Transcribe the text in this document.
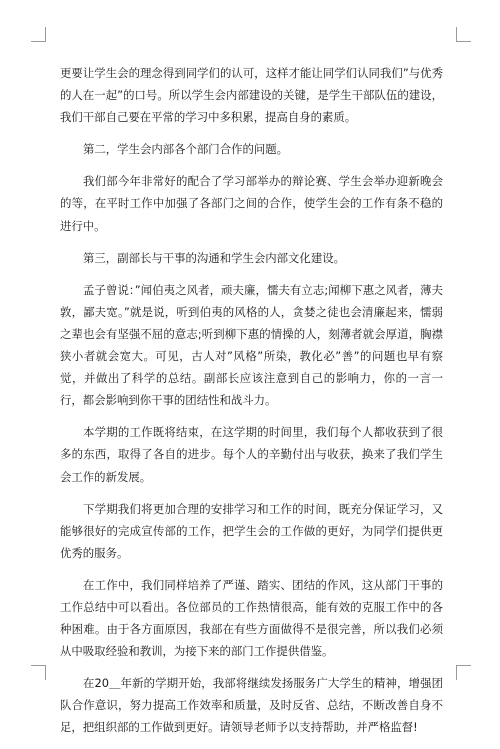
更要让学生会的理念得到同学们的认可，这样才能让同学们认同我们”与优秀的人在一起”的口号。所以学生会内部建设的关键，是学生干部队伍的建设，我们干部自己要在平常的学习中多积累，提高自身的素质。

第二，学生会内部各个部门合作的问题。

我们部今年非常好的配合了学习部举办的辩论赛、学生会举办迎新晚会的等，在平时工作中加强了各部门之间的合作，使学生会的工作有条不稳的进行中。

第三，副部长与干事的沟通和学生会内部文化建设。

孟子曾说：”闻伯夷之风者，顽夫廉，懦夫有立志;闻柳下惠之风者，薄夫敦，鄙夫宽。”就是说，听到伯夷的风格的人，贪婪之徒也会清廉起来，懦弱之辈也会有坚强不屈的意志;听到柳下惠的情操的人，刻薄者就会厚道，胸襟狭小者就会宽大。可见，古人对”风格”所染，教化必”善”的问题也早有察觉，并做出了科学的总结。副部长应该注意到自己的影响力，你的一言一行，都会影响到你干事的团结性和战斗力。

本学期的工作既将结束，在这学期的时间里，我们每个人都收获到了很多的东西，取得了各自的进步。每个人的辛勤付出与收获，换来了我们学生会工作的新发展。

下学期我们将更加合理的安排学习和工作的时间，既充分保证学习，又能够很好的完成宣传部的工作，把学生会的工作做的更好，为同学们提供更优秀的服务。

在工作中，我们同样培养了严谨、踏实、团结的作风，这从部门干事的工作总结中可以看出。各位部员的工作热情很高，能有效的克服工作中的各种困难。由于各方面原因，我部在有些方面做得不是很完善，所以我们必须从中吸取经验和教训，为接下来的部门工作提供借鉴。

在20＿年新的学期开始，我部将继续发扬服务广大学生的精神，增强团队合作意识，努力提高工作效率和质量，及时反省、总结，不断改善自身不足，把组织部的工作做到更好。请领导老师予以支持帮助，并严格监督!
